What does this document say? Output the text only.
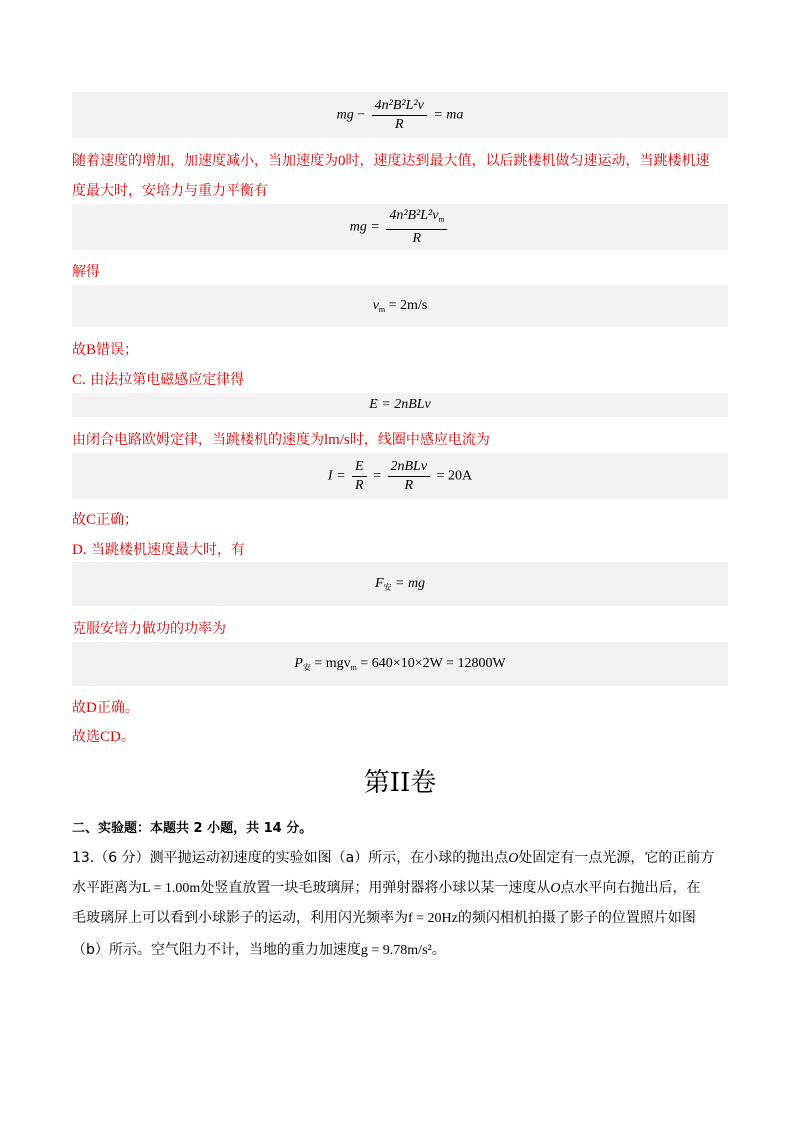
mg − $\frac{\text{4n²B²L²v}}{R}$ = ma
随着速度的增加，加速度减小，当加速度为0时，速度达到最大值，以后跳楼机做匀速运动，当跳楼机速
度最大时，安培力与重力平衡有
mg = $\frac{4n^2B^2L^2v_m}{R}$
解得
$v_m = 2m/s$
故B错误；
C. 由法拉第电磁感应定律得
E = 2nBLv
由闭合电路欧姆定律，当跳楼机的速度为lm/s时，线圈中感应电流为
$I = \frac{E}{R} = \frac{\text{2nBLv}}{R} = 20A$
故C正确；
D. 当跳楼机速度最大时，有
$F_安$ = mg
克服安培力做功的功率为
$P_安 = mgv_m = 640\times 10\times 2W = 12800W$
故D正确。
故选CD。
第II卷
二、实验题：本题共 2 小题，共 14 分。
13.（6 分）测平抛运动初速度的实验如图（a）所示，在小球的抛出点O处固定有一点光源，它的正前方
水平距离为L = 1.00m处竖直放置一块毛玻璃屏；用弹射器将小球以某一速度从O点水平向右抛出后，在
毛玻璃屏上可以看到小球影子的运动，利用闪光频率为f = 20Hz的频闪相机拍摄了影子的位置照片如图
（b）所示。空气阻力不计，当地的重力加速度g = 9.78m/s²。
